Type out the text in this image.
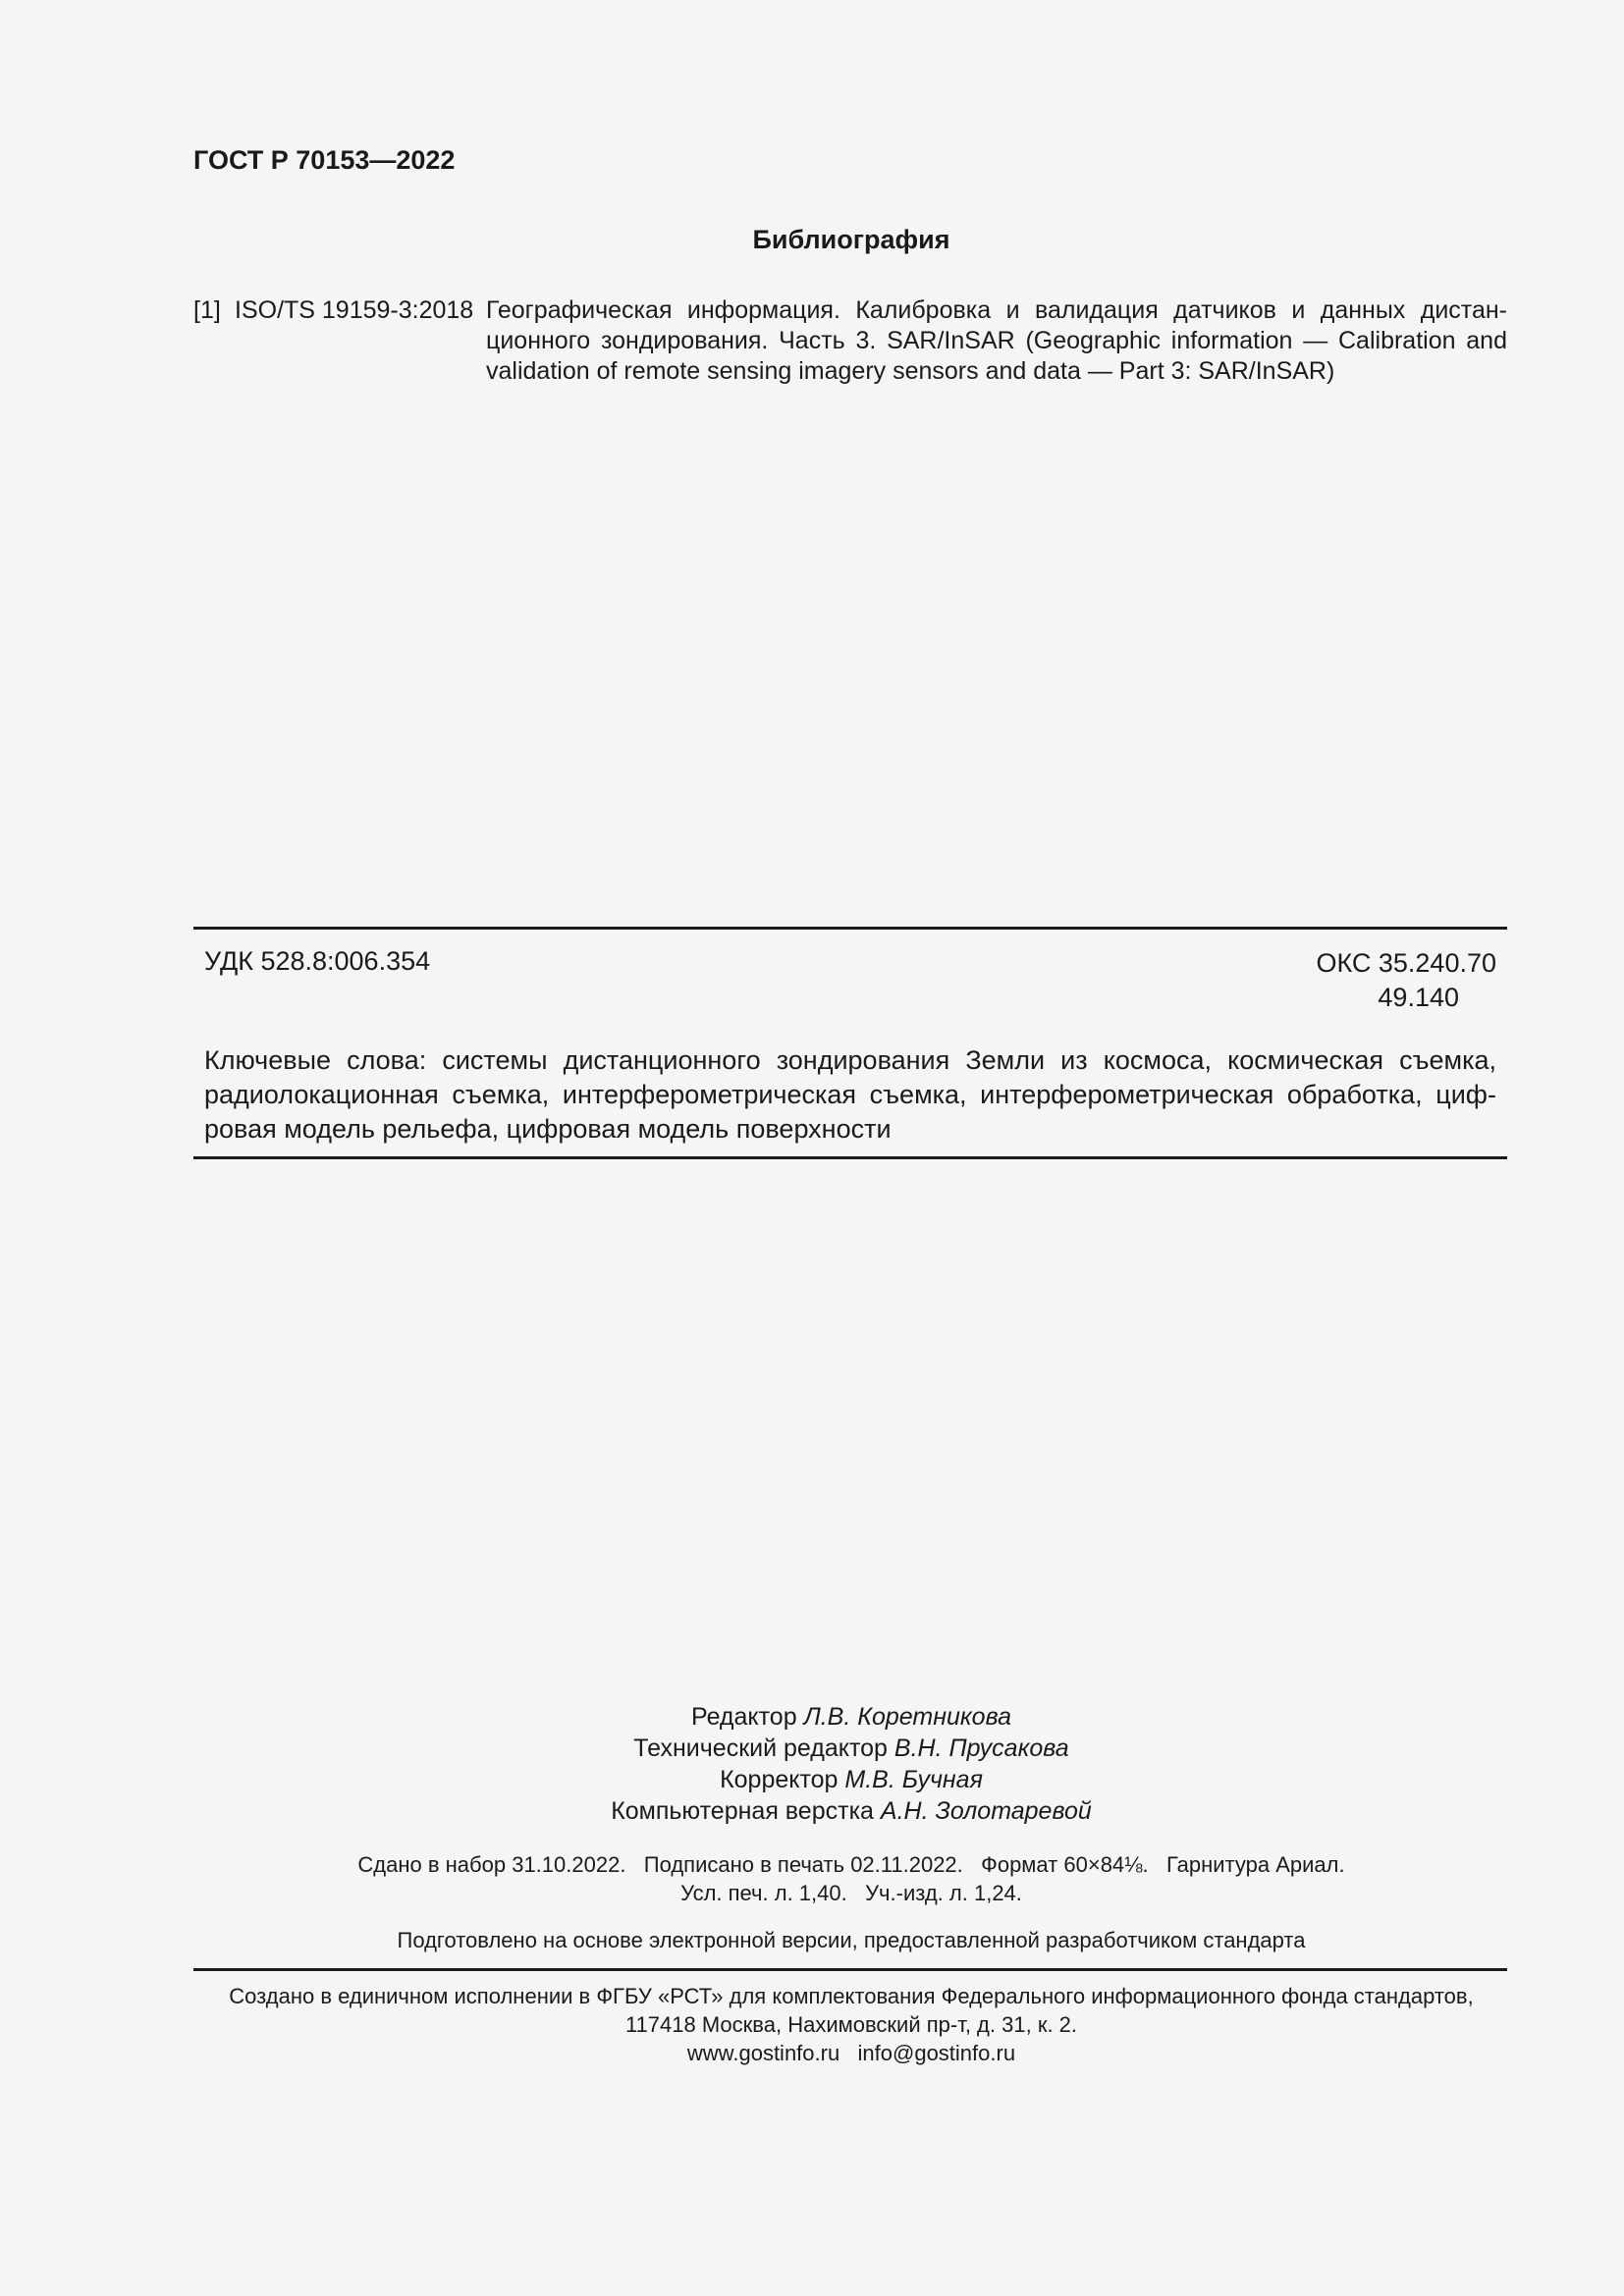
ГОСТ Р 70153—2022
Библиография
[1] ISO/TS 19159-3:2018 Географическая информация. Калибровка и валидация датчиков и данных дистан-ционного зондирования. Часть 3. SAR/InSAR (Geographic information — Calibration and validation of remote sensing imagery sensors and data — Part 3: SAR/InSAR)
УДК 528.8:006.354	ОКС 35.240.70
49.140
Ключевые слова: системы дистанционного зондирования Земли из космоса, космическая съемка, радиолокационная съемка, интерферометрическая съемка, интерферометрическая обработка, циф-ровая модель рельефа, цифровая модель поверхности
Редактор Л.В. Коретникова
Технический редактор В.Н. Прусакова
Корректор М.В. Бучная
Компьютерная верстка А.Н. Золотаревой
Сдано в набор 31.10.2022.   Подписано в печать 02.11.2022.   Формат 60×84⅛.   Гарнитура Ариал.
Усл. печ. л. 1,40.   Уч.-изд. л. 1,24.
Подготовлено на основе электронной версии, предоставленной разработчиком стандарта
Создано в единичном исполнении в ФГБУ «РСТ» для комплектования Федерального информационного фонда стандартов,
117418 Москва, Нахимовский пр-т, д. 31, к. 2.
www.gostinfo.ru   info@gostinfo.ru
